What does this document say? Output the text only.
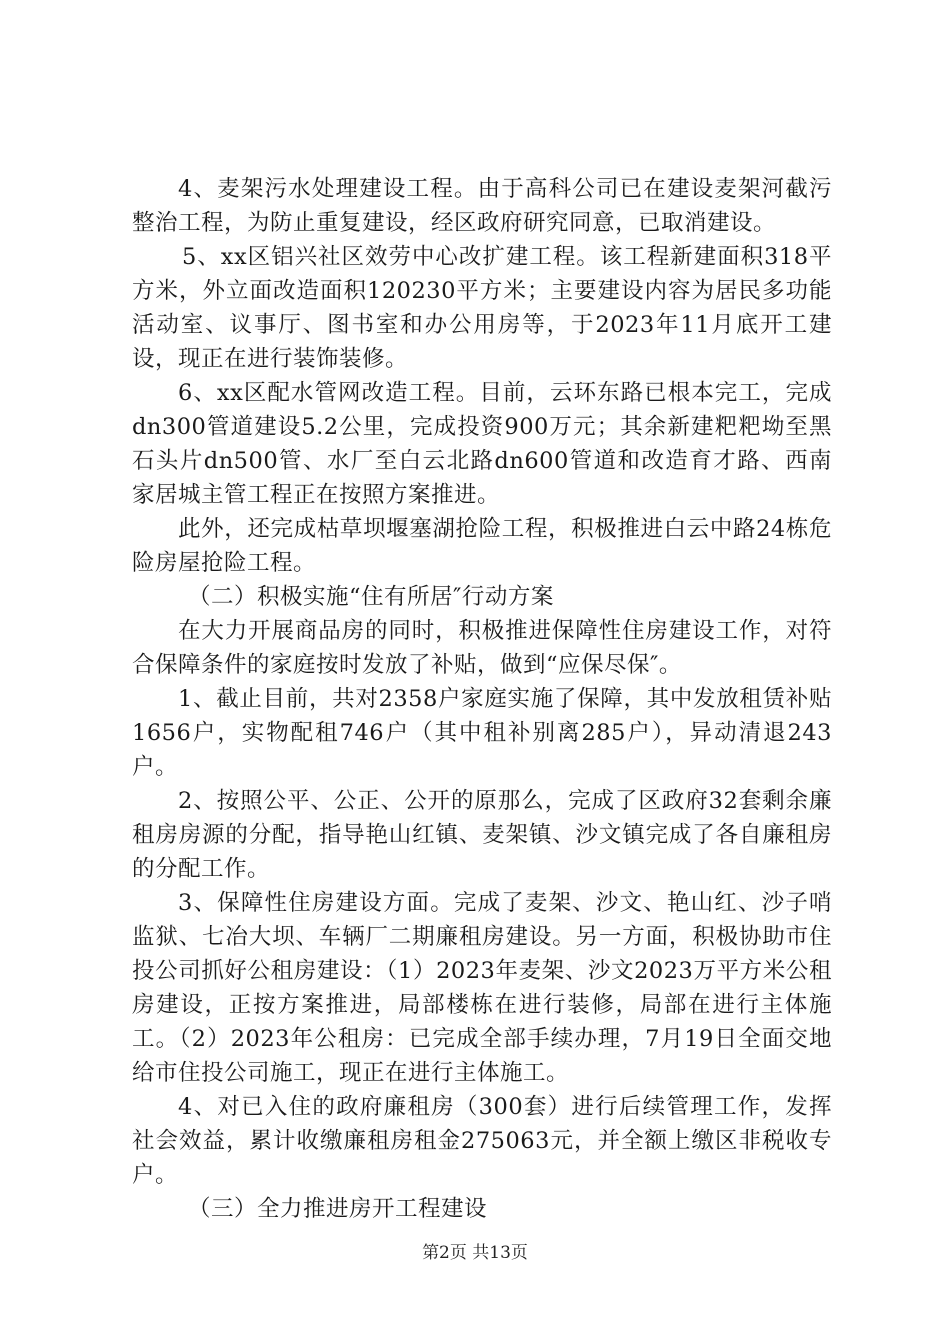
4、麦架污水处理建设工程。由于高科公司已在建设麦架河截污整治工程，为防止重复建设，经区政府研究同意，已取消建设。

5、xx区铝兴社区效劳中心改扩建工程。该工程新建面积318平方米，外立面改造面积120230平方米；主要建设内容为居民多功能活动室、议事厅、图书室和办公用房等，于2023年11月底开工建设，现正在进行装饰装修。

6、xx区配水管网改造工程。目前，云环东路已根本完工，完成dn300管道建设5.2公里，完成投资900万元；其余新建粑粑坳至黑石头片dn500管、水厂至白云北路dn600管道和改造育才路、西南家居城主管工程正在按照方案推进。

此外，还完成枯草坝堰塞湖抢险工程，积极推进白云中路24栋危险房屋抢险工程。

（二）积极实施“住有所居″行动方案

在大力开展商品房的同时，积极推进保障性住房建设工作，对符合保障条件的家庭按时发放了补贴，做到“应保尽保″。

1、截止目前，共对2358户家庭实施了保障，其中发放租赁补贴1656户，实物配租746户（其中租补别离285户），异动清退243户。

2、按照公平、公正、公开的原那么，完成了区政府32套剩余廉租房房源的分配，指导艳山红镇、麦架镇、沙文镇完成了各自廉租房的分配工作。

3、保障性住房建设方面。完成了麦架、沙文、艳山红、沙子哨监狱、七冶大坝、车辆厂二期廉租房建设。另一方面，积极协助市住投公司抓好公租房建设：（1）2023年麦架、沙文2023万平方米公租房建设，正按方案推进，局部楼栋在进行装修，局部在进行主体施工。（2）2023年公租房：已完成全部手续办理，7月19日全面交地给市住投公司施工，现正在进行主体施工。

4、对已入住的政府廉租房（300套）进行后续管理工作，发挥社会效益，累计收缴廉租房租金275063元，并全额上缴区非税收专户。

（三）全力推进房开工程建设

第2页 共13页
